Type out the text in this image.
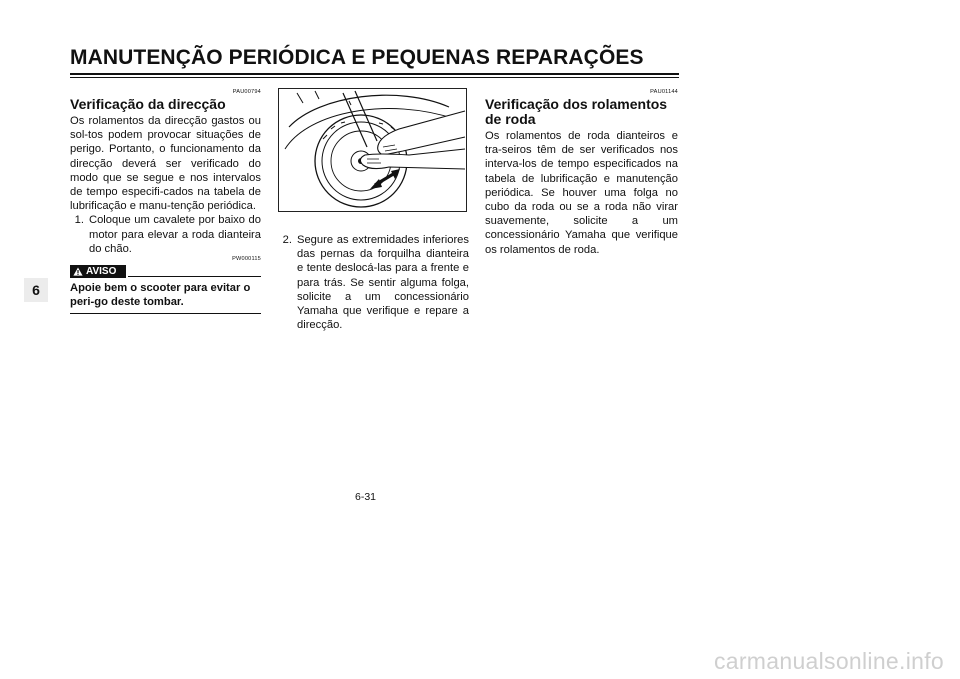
MANUTENÇÃO PERIÓDICA E PEQUENAS REPARAÇÕES
6
PAU00794
Verificação da direcção

Os rolamentos da direcção gastos ou sol-tos podem provocar situações de perigo. Portanto, o funcionamento da direcção deverá ser verificado do modo que se segue e nos intervalos de tempo especifi-cados na tabela de lubrificação e manu-tenção periódica.

1. Coloque um cavalete por baixo do motor para elevar a roda dianteira do chão.
PW000115
AVISO
Apoie bem o scooter para evitar o peri-go deste tombar.
2. Segure as extremidades inferiores das pernas da forquilha dianteira e tente deslocá-las para a frente e para trás. Se sentir alguma folga, solicite a um concessionário Yamaha que verifique e repare a direcção.
PAU01144
Verificação dos rolamentos de roda

Os rolamentos de roda dianteiros e tra-seiros têm de ser verificados nos interva-los de tempo especificados na tabela de lubrificação e manutenção periódica. Se houver uma folga no cubo da roda ou se a roda não virar suavemente, solicite a um concessionário Yamaha que verifique os rolamentos de roda.

6-31
carmanualsonline.info
